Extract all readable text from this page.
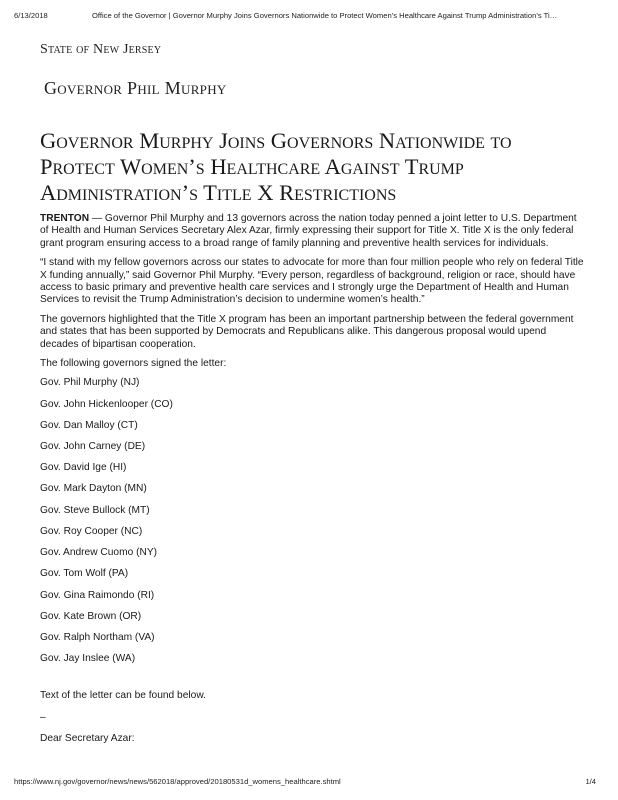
6/13/2018	Office of the Governor | Governor Murphy Joins Governors Nationwide to Protect Women’s Healthcare Against Trump Administration’s Ti…
State of New Jersey
Governor Phil Murphy
Governor Murphy Joins Governors Nationwide to Protect Women’s Healthcare Against Trump Administration’s Title X Restrictions

TRENTON — Governor Phil Murphy and 13 governors across the nation today penned a joint letter to U.S. Department of Health and Human Services Secretary Alex Azar, firmly expressing their support for Title X. Title X is the only federal grant program ensuring access to a broad range of family planning and preventive health services for individuals.

“I stand with my fellow governors across our states to advocate for more than four million people who rely on federal Title X funding annually,” said Governor Phil Murphy. “Every person, regardless of background, religion or race, should have access to basic primary and preventive health care services and I strongly urge the Department of Health and Human Services to revisit the Trump Administration’s decision to undermine women’s health.”

The governors highlighted that the Title X program has been an important partnership between the federal government and states that has been supported by Democrats and Republicans alike. This dangerous proposal would upend decades of bipartisan cooperation.

The following governors signed the letter:

Gov. Phil Murphy (NJ)

Gov. John Hickenlooper (CO)

Gov. Dan Malloy (CT)

Gov. John Carney (DE)

Gov. David Ige (HI)

Gov. Mark Dayton (MN)

Gov. Steve Bullock (MT)

Gov. Roy Cooper (NC)

Gov. Andrew Cuomo (NY)

Gov. Tom Wolf (PA)

Gov. Gina Raimondo (RI)

Gov. Kate Brown (OR)

Gov. Ralph Northam (VA)

Gov. Jay Inslee (WA)

Text of the letter can be found below.

–

Dear Secretary Azar:

https://www.nj.gov/governor/news/news/562018/approved/20180531d_womens_healthcare.shtml	1/4
